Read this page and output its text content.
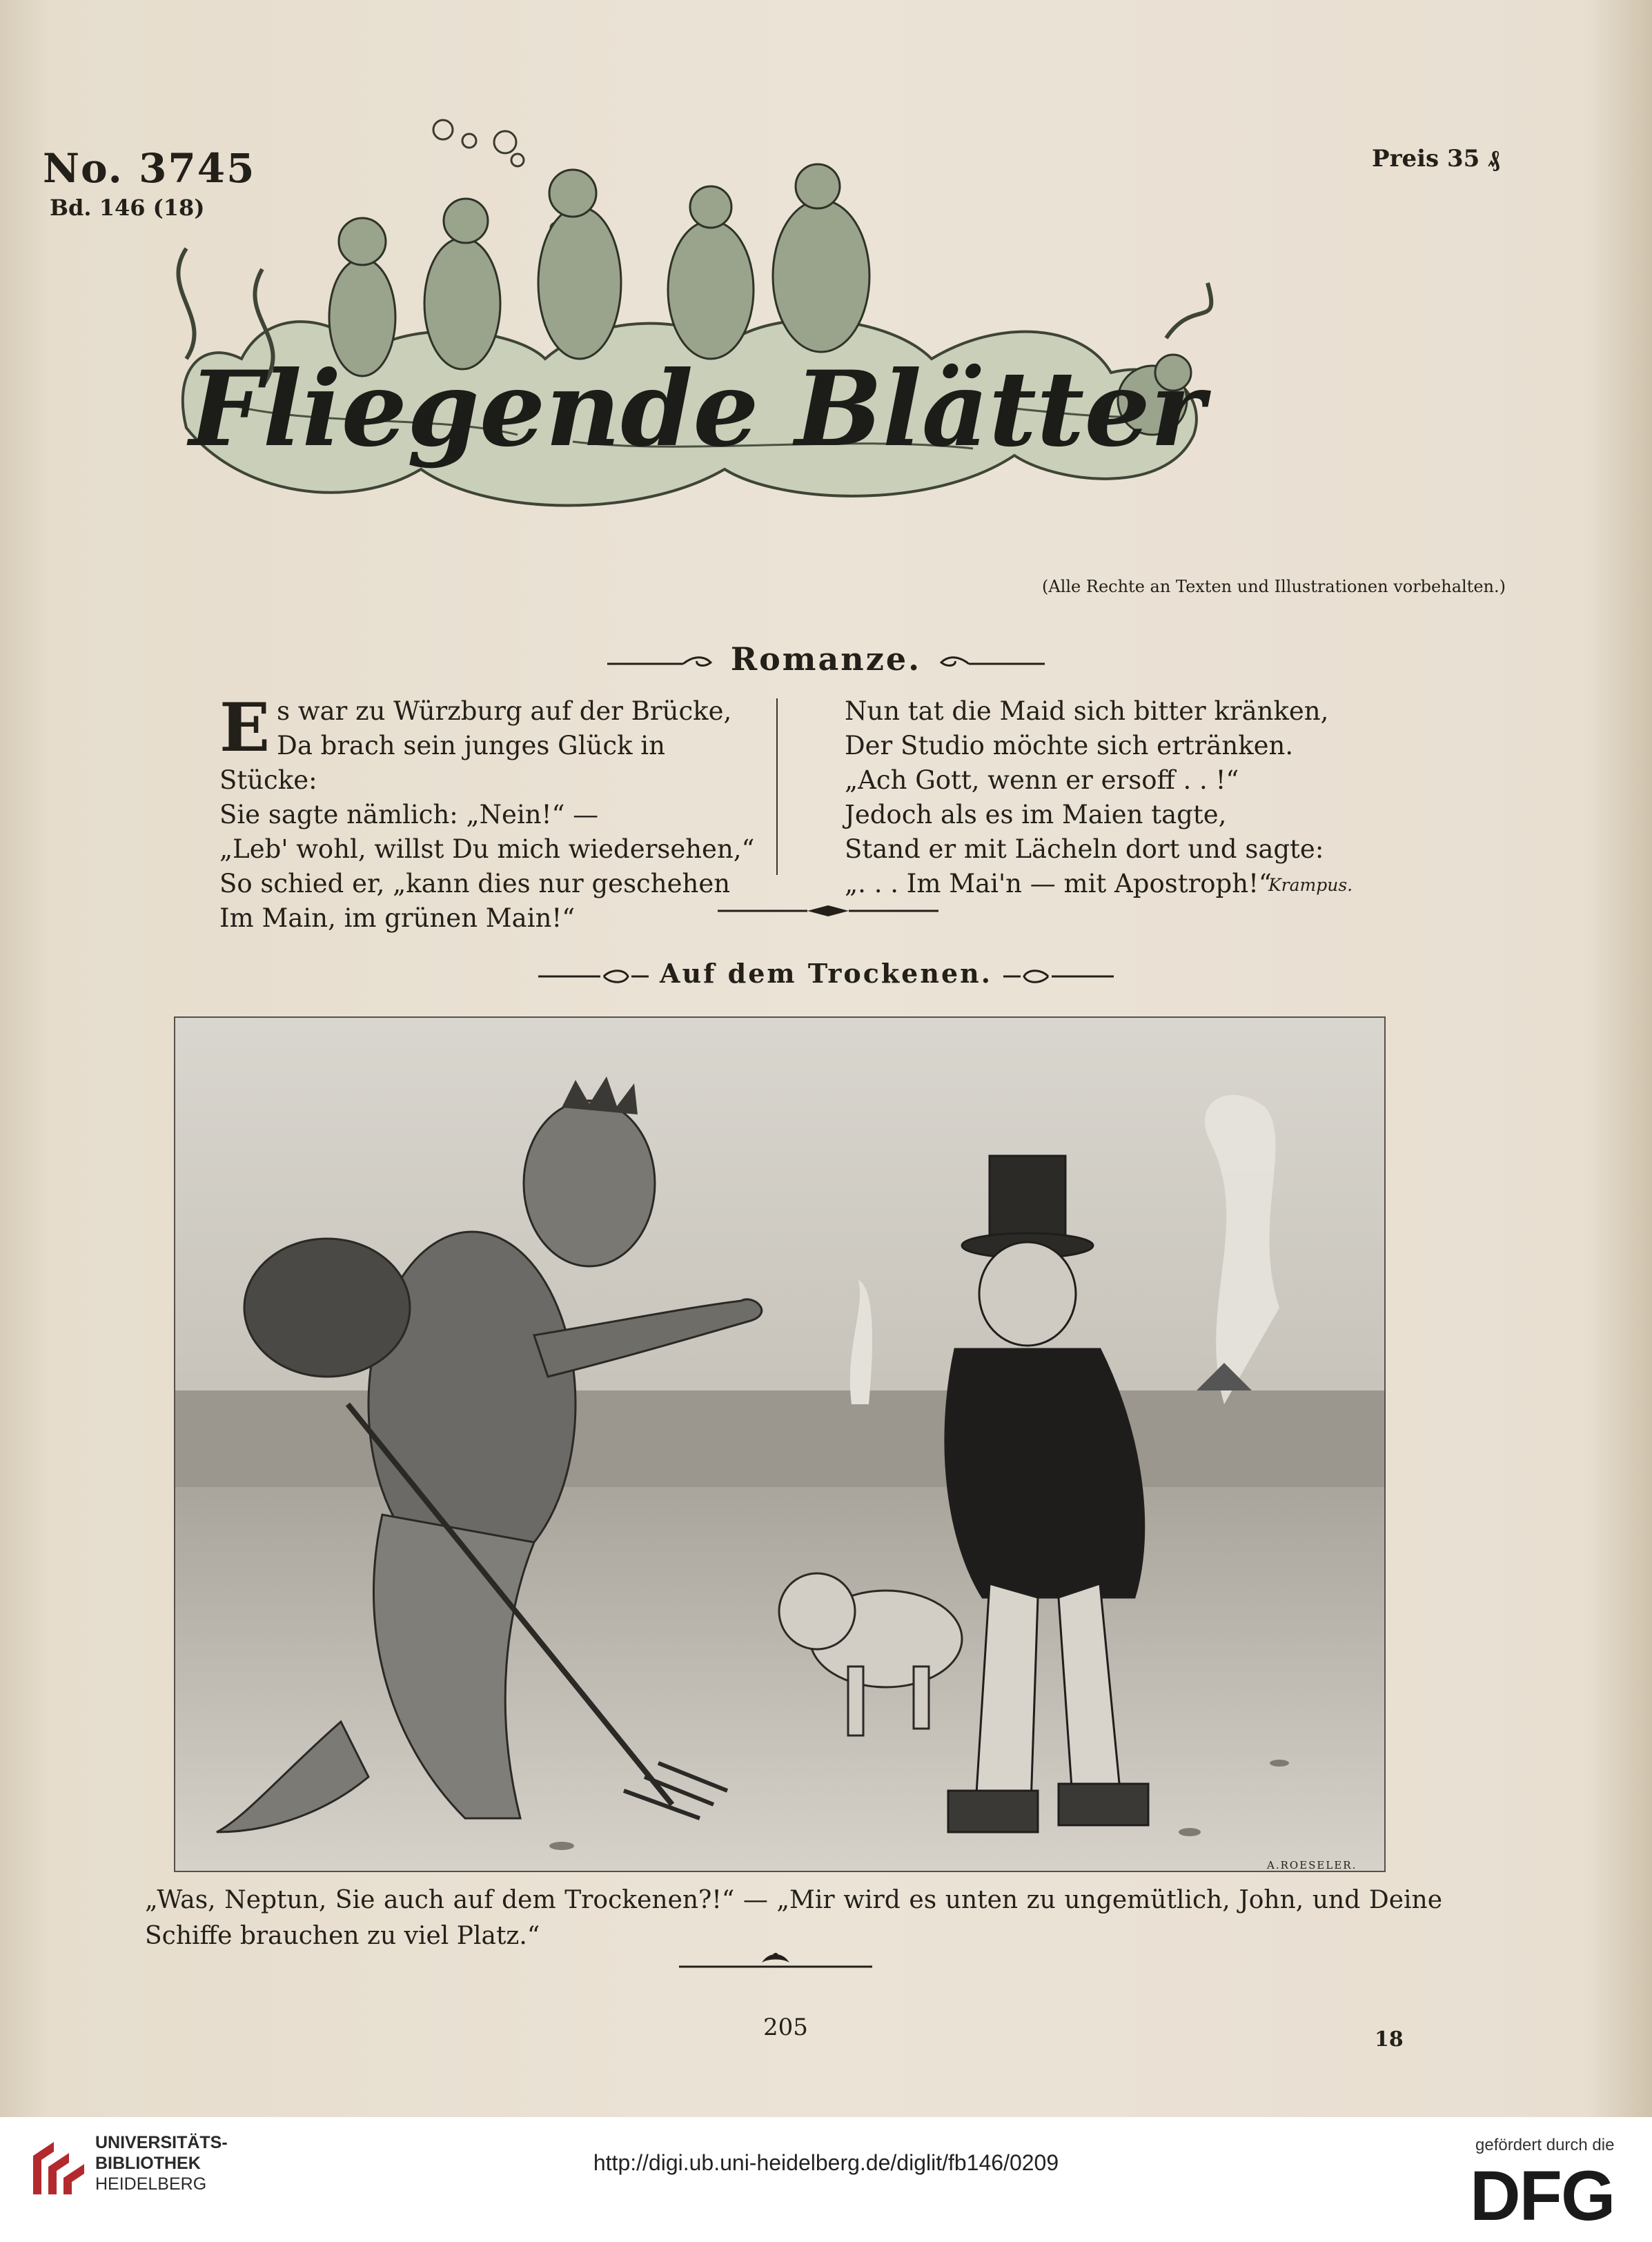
No. 3745
Bd. 146 (18)
Preis 35 ₰
Fliegende Blätter
(Alle Rechte an Texten und Illustrationen vorbehalten.)
Romanze.
Es war zu Würzburg auf der Brücke,
Da brach sein junges Glück in Stücke:
Sie sagte nämlich: „Nein!“ —
„Leb' wohl, willst Du mich wiedersehen,“
So schied er, „kann dies nur geschehen
Im Main, im grünen Main!“
Nun tat die Maid sich bitter kränken,
Der Studio möchte sich ertränken.
„Ach Gott, wenn er ersoff . . !“
Jedoch als es im Maien tagte,
Stand er mit Lächeln dort und sagte:
„. . . Im Mai'n — mit Apostroph!“
Krampus.
Auf dem Trockenen.
A.ROESELER.
„Was, Neptun, Sie auch auf dem Trockenen?!“ — „Mir wird es unten zu ungemütlich, John, und Deine Schiffe brauchen zu viel Platz.“
205	18
UNIVERSITÄTS-
BIBLIOTHEK
HEIDELBERG
http://digi.ub.uni-heidelberg.de/diglit/fb146/0209
gefördert durch die
DFG
